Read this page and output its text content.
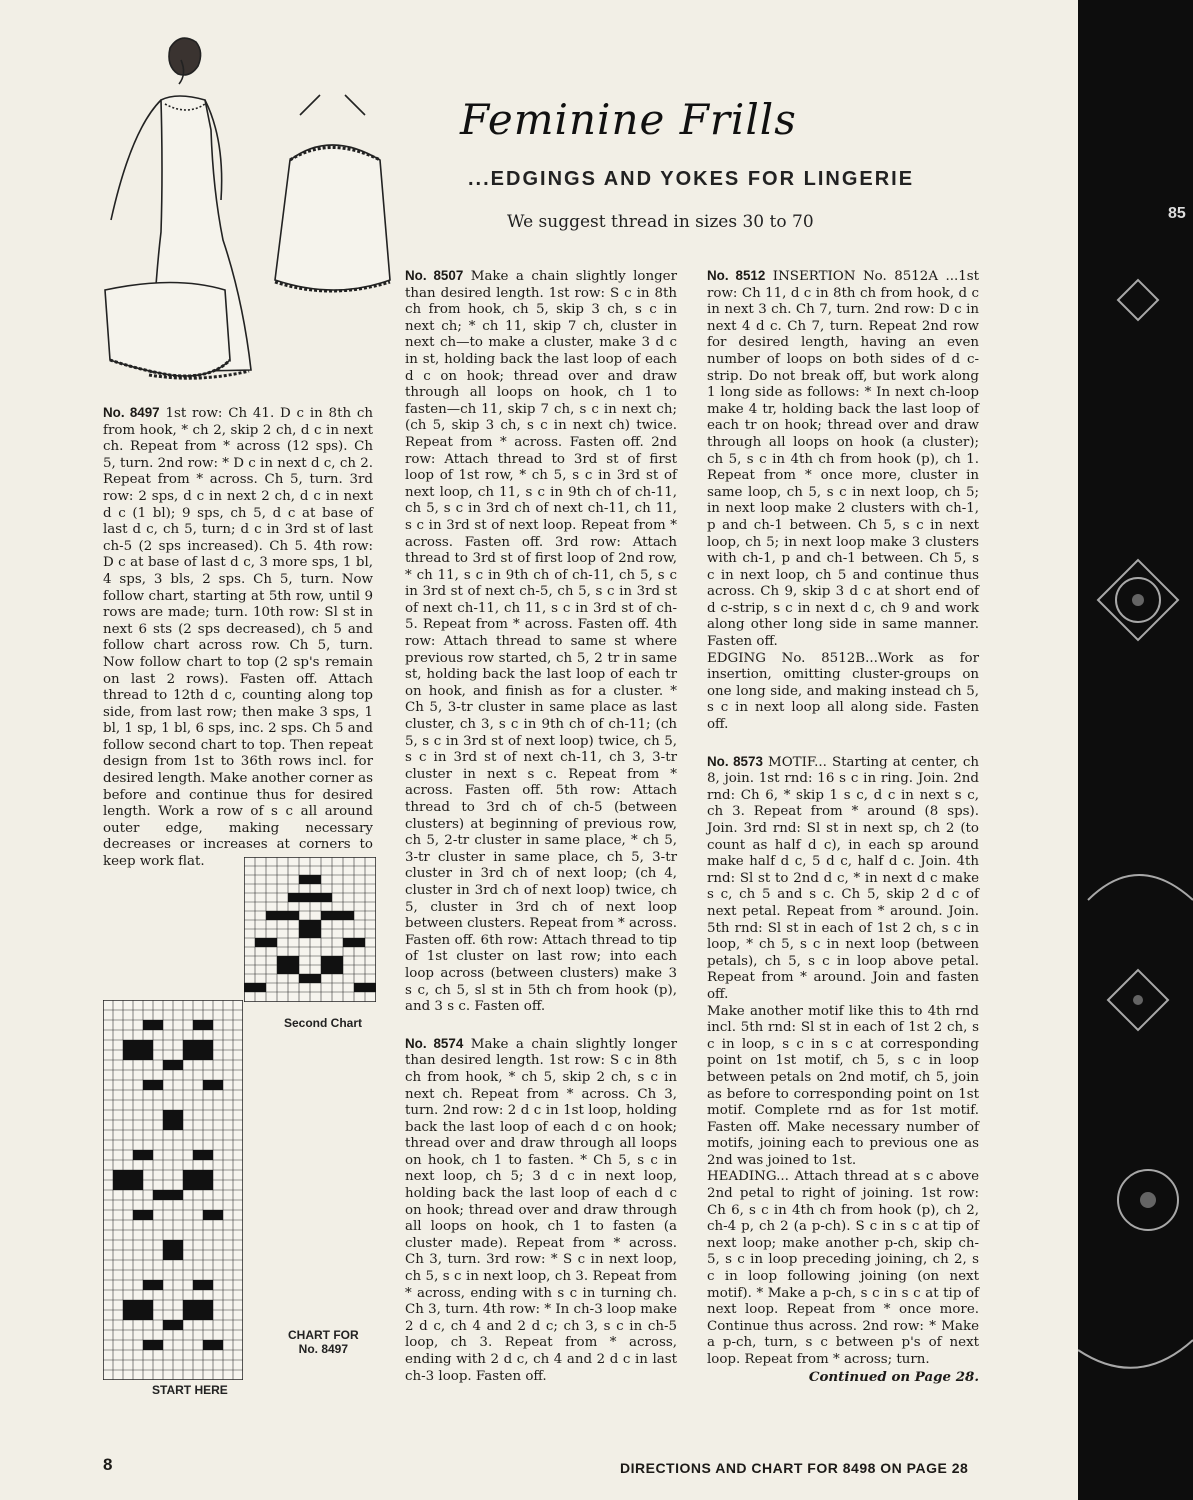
Feminine Frills
...EDGINGS AND YOKES FOR LINGERIE
We suggest thread in sizes 30 to 70

No. 8497 1st row: Ch 41. D c in 8th ch from hook, * ch 2, skip 2 ch, d c in next ch. Repeat from * across (12 sps). Ch 5, turn. 2nd row: * D c in next d c, ch 2. Repeat from * across. Ch 5, turn. 3rd row: 2 sps, d c in next 2 ch, d c in next d c (1 bl); 9 sps, ch 5, d c at base of last d c, ch 5, turn; d c in 3rd st of last ch-5 (2 sps increased). Ch 5. 4th row: D c at base of last d c, 3 more sps, 1 bl, 4 sps, 3 bls, 2 sps. Ch 5, turn. Now follow chart, starting at 5th row, until 9 rows are made; turn. 10th row: Sl st in next 6 sts (2 sps decreased), ch 5 and follow chart across row. Ch 5, turn. Now follow chart to top (2 sp's remain on last 2 rows). Fasten off. Attach thread to 12th d c, counting along top side, from last row; then make 3 sps, 1 bl, 1 sp, 1 bl, 6 sps, inc. 2 sps. Ch 5 and follow second chart to top. Then repeat design from 1st to 36th rows incl. for desired length. Make another corner as before and continue thus for desired length. Work a row of s c all around outer edge, making necessary decreases or increases at corners to keep work flat.

Second Chart
CHART FOR
No. 8497
START HERE

No. 8507 Make a chain slightly longer than desired length. 1st row: S c in 8th ch from hook, ch 5, skip 3 ch, s c in next ch; * ch 11, skip 7 ch, cluster in next ch—to make a cluster, make 3 d c in st, holding back the last loop of each d c on hook; thread over and draw through all loops on hook, ch 1 to fasten—ch 11, skip 7 ch, s c in next ch; (ch 5, skip 3 ch, s c in next ch) twice. Repeat from * across. Fasten off. 2nd row: Attach thread to 3rd st of first loop of 1st row, * ch 5, s c in 3rd st of next loop, ch 11, s c in 9th ch of ch-11, ch 5, s c in 3rd ch of next ch-11, ch 11, s c in 3rd st of next loop. Repeat from * across. Fasten off. 3rd row: Attach thread to 3rd st of first loop of 2nd row, * ch 11, s c in 9th ch of ch-11, ch 5, s c in 3rd st of next ch-5, ch 5, s c in 3rd st of next ch-11, ch 11, s c in 3rd st of ch-5. Repeat from * across. Fasten off. 4th row: Attach thread to same st where previous row started, ch 5, 2 tr in same st, holding back the last loop of each tr on hook, and finish as for a cluster. * Ch 5, 3-tr cluster in same place as last cluster, ch 3, s c in 9th ch of ch-11; (ch 5, s c in 3rd st of next loop) twice, ch 5, s c in 3rd st of next ch-11, ch 3, 3-tr cluster in next s c. Repeat from * across. Fasten off. 5th row: Attach thread to 3rd ch of ch-5 (between clusters) at beginning of previous row, ch 5, 2-tr cluster in same place, * ch 5, 3-tr cluster in same place, ch 5, 3-tr cluster in 3rd ch of next loop; (ch 4, cluster in 3rd ch of next loop) twice, ch 5, cluster in 3rd ch of next loop between clusters. Repeat from * across. Fasten off. 6th row: Attach thread to tip of 1st cluster on last row; into each loop across (between clusters) make 3 s c, ch 5, sl st in 5th ch from hook (p), and 3 s c. Fasten off.

No. 8574 Make a chain slightly longer than desired length. 1st row: S c in 8th ch from hook, * ch 5, skip 2 ch, s c in next ch. Repeat from * across. Ch 3, turn. 2nd row: 2 d c in 1st loop, holding back the last loop of each d c on hook; thread over and draw through all loops on hook, ch 1 to fasten. * Ch 5, s c in next loop, ch 5; 3 d c in next loop, holding back the last loop of each d c on hook; thread over and draw through all loops on hook, ch 1 to fasten (a cluster made). Repeat from * across. Ch 3, turn. 3rd row: * S c in next loop, ch 5, s c in next loop, ch 3. Repeat from * across, ending with s c in turning ch. Ch 3, turn. 4th row: * In ch-3 loop make 2 d c, ch 4 and 2 d c; ch 3, s c in ch-5 loop, ch 3. Repeat from * across, ending with 2 d c, ch 4 and 2 d c in last ch-3 loop. Fasten off.

No. 8512 INSERTION No. 8512A ...1st row: Ch 11, d c in 8th ch from hook, d c in next 3 ch. Ch 7, turn. 2nd row: D c in next 4 d c. Ch 7, turn. Repeat 2nd row for desired length, having an even number of loops on both sides of d c-strip. Do not break off, but work along 1 long side as follows: * In next ch-loop make 4 tr, holding back the last loop of each tr on hook; thread over and draw through all loops on hook (a cluster); ch 5, s c in 4th ch from hook (p), ch 1. Repeat from * once more, cluster in same loop, ch 5, s c in next loop, ch 5; in next loop make 2 clusters with ch-1, p and ch-1 between. Ch 5, s c in next loop, ch 5; in next loop make 3 clusters with ch-1, p and ch-1 between. Ch 5, s c in next loop, ch 5 and continue thus across. Ch 9, skip 3 d c at short end of d c-strip, s c in next d c, ch 9 and work along other long side in same manner. Fasten off.

EDGING No. 8512B...Work as for insertion, omitting cluster-groups on one long side, and making instead ch 5, s c in next loop all along side. Fasten off.

No. 8573 MOTIF... Starting at center, ch 8, join. 1st rnd: 16 s c in ring. Join. 2nd rnd: Ch 6, * skip 1 s c, d c in next s c, ch 3. Repeat from * around (8 sps). Join. 3rd rnd: Sl st in next sp, ch 2 (to count as half d c), in each sp around make half d c, 5 d c, half d c. Join. 4th rnd: Sl st to 2nd d c, * in next d c make s c, ch 5 and s c. Ch 5, skip 2 d c of next petal. Repeat from * around. Join. 5th rnd: Sl st in each of 1st 2 ch, s c in loop, * ch 5, s c in next loop (between petals), ch 5, s c in loop above petal. Repeat from * around. Join and fasten off.

Make another motif like this to 4th rnd incl. 5th rnd: Sl st in each of 1st 2 ch, s c in loop, s c in s c at corresponding point on 1st motif, ch 5, s c in loop between petals on 2nd motif, ch 5, join as before to corresponding point on 1st motif. Complete rnd as for 1st motif. Fasten off. Make necessary number of motifs, joining each to previous one as 2nd was joined to 1st.

HEADING... Attach thread at s c above 2nd petal to right of joining. 1st row: Ch 6, s c in 4th ch from hook (p), ch 2, ch-4 p, ch 2 (a p-ch). S c in s c at tip of next loop; make another p-ch, skip ch-5, s c in loop preceding joining, ch 2, s c in loop following joining (on next motif). * Make a p-ch, s c in s c at tip of next loop. Repeat from * once more. Continue thus across. 2nd row: * Make a p-ch, turn, s c between p's of next loop. Repeat from * across; turn.

Continued on Page 28.

8	DIRECTIONS AND CHART FOR 8498 ON PAGE 28
85
